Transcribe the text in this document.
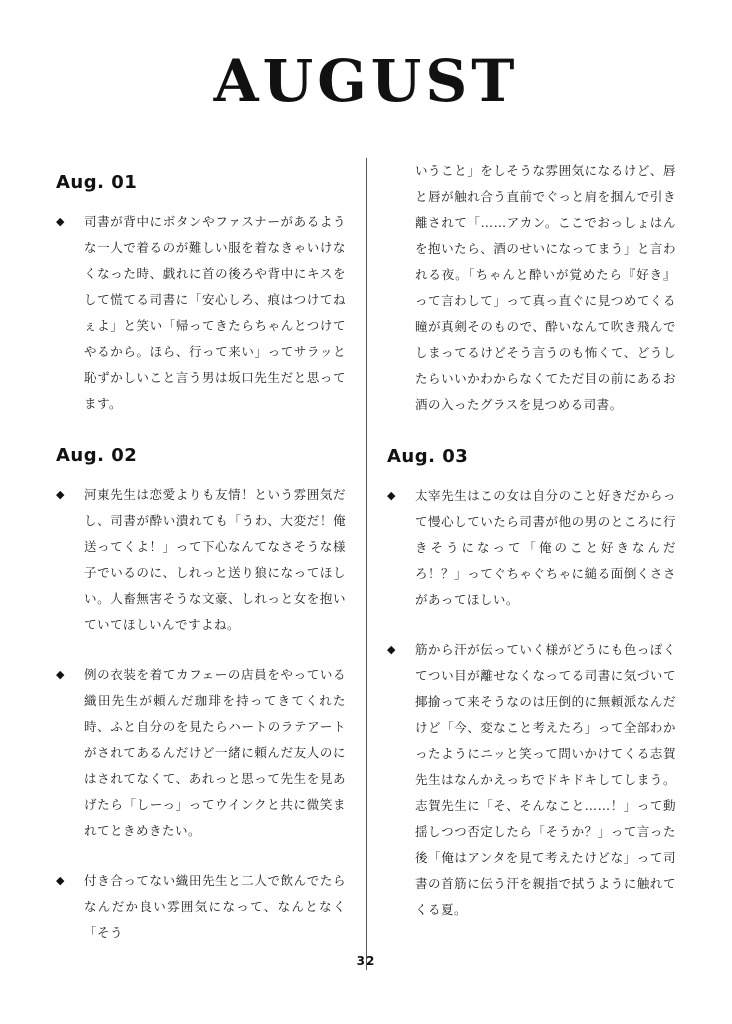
AUGUST
Aug. 01
◆	司書が背中にボタンやファスナーがあるような一人で着るのが難しい服を着なきゃいけなくなった時、戯れに首の後ろや背中にキスをして慌てる司書に「安心しろ、痕はつけてねぇよ」と笑い「帰ってきたらちゃんとつけてやるから。ほら、行って来い」ってサラッと恥ずかしいこと言う男は坂口先生だと思ってます。
Aug. 02
◆	河東先生は恋愛よりも友情！という雰囲気だし、司書が酔い潰れても「うわ、大変だ！俺送ってくよ！」って下心なんてなさそうな様子でいるのに、しれっと送り狼になってほしい。人畜無害そうな文豪、しれっと女を抱いていてほしいんですよね。
◆	例の衣装を着てカフェーの店員をやっている織田先生が頼んだ珈琲を持ってきてくれた時、ふと自分のを見たらハートのラテアートがされてあるんだけど一緒に頼んだ友人のにはされてなくて、あれっと思って先生を見あげたら「しーっ」ってウインクと共に微笑まれてときめきたい。
◆	付き合ってない織田先生と二人で飲んでたらなんだか良い雰囲気になって、なんとなく「そう

いうこと」をしそうな雰囲気になるけど、唇と唇が触れ合う直前でぐっと肩を掴んで引き離されて「……アカン。ここでおっしょはんを抱いたら、酒のせいになってまう」と言われる夜。「ちゃんと酔いが覚めたら『好き』って言わして」って真っ直ぐに見つめてくる瞳が真剣そのもので、酔いなんて吹き飛んでしまってるけどそう言うのも怖くて、どうしたらいいかわからなくてただ目の前にあるお酒の入ったグラスを見つめる司書。

Aug. 03
◆	太宰先生はこの女は自分のこと好きだからって慢心していたら司書が他の男のところに行きそうになって「俺のこと好きなんだろ！？」ってぐちゃぐちゃに縋る面倒くささがあってほしい。
◆	筋から汗が伝っていく様がどうにも色っぽくてつい目が離せなくなってる司書に気づいて揶揄って来そうなのは圧倒的に無頼派なんだけど「今、変なこと考えたろ」って全部わかったようにニッと笑って問いかけてくる志賀先生はなんかえっちでドキドキしてしまう。志賀先生に「そ、そんなこと……！」って動揺しつつ否定したら「そうか？」って言った後「俺はアンタを見て考えたけどな」って司書の首筋に伝う汗を親指で拭うように触れてくる夏。
32
